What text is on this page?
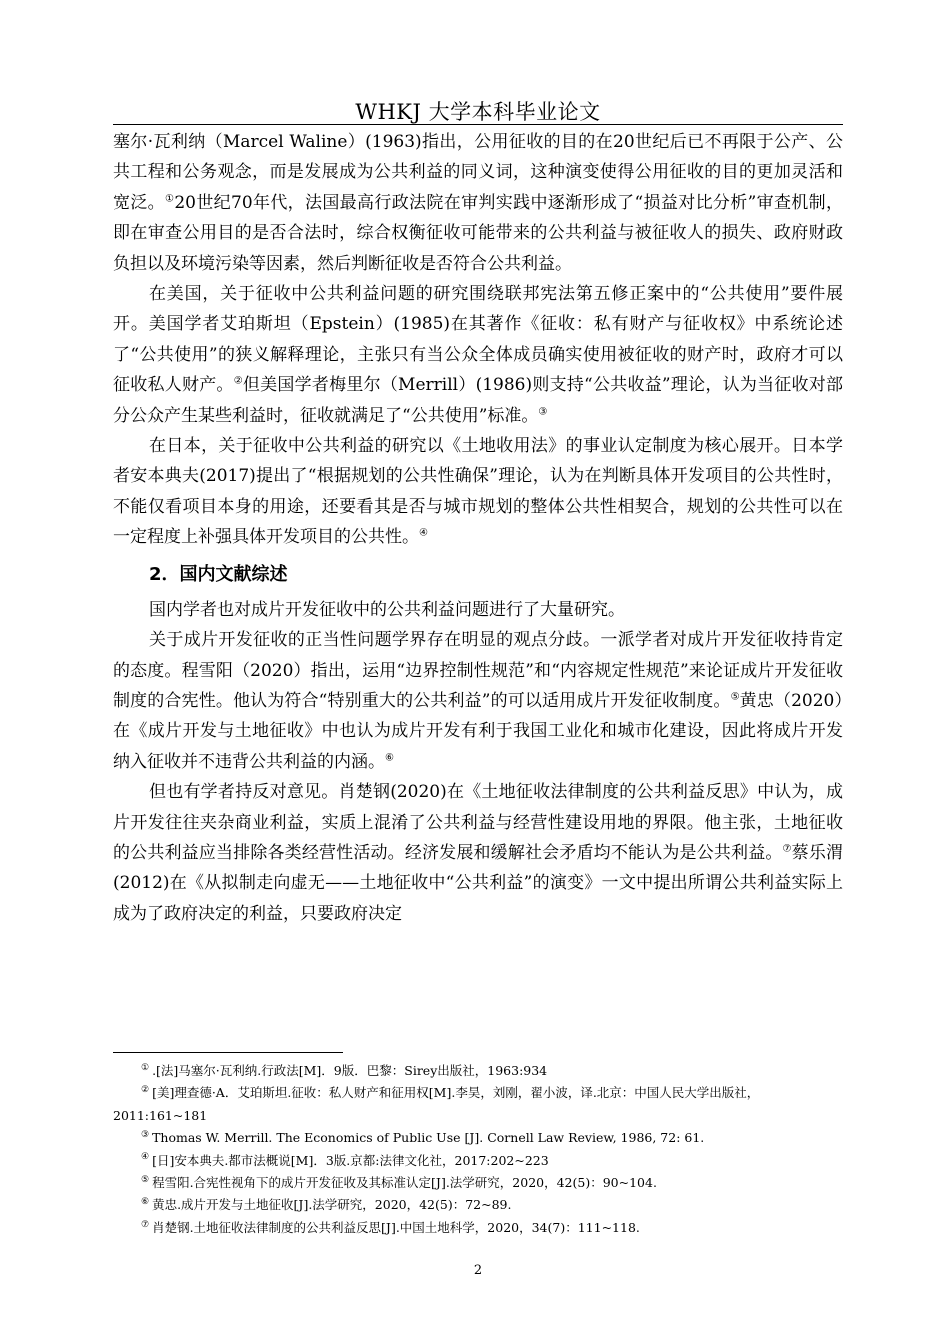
WHKJ 大学本科毕业论文

塞尔·瓦利纳（Marcel Waline）(1963)指出，公用征收的目的在20世纪后已不再限于公产、公共工程和公务观念，而是发展成为公共利益的同义词，这种演变使得公用征收的目的更加灵活和宽泛。①20世纪70年代，法国最高行政法院在审判实践中逐渐形成了“损益对比分析”审查机制，即在审查公用目的是否合法时，综合权衡征收可能带来的公共利益与被征收人的损失、政府财政负担以及环境污染等因素，然后判断征收是否符合公共利益。

在美国，关于征收中公共利益问题的研究围绕联邦宪法第五修正案中的“公共使用”要件展开。美国学者艾珀斯坦（Epstein）(1985)在其著作《征收：私有财产与征收权》中系统论述了“公共使用”的狭义解释理论，主张只有当公众全体成员确实使用被征收的财产时，政府才可以征收私人财产。②但美国学者梅里尔（Merrill）(1986)则支持“公共收益”理论，认为当征收对部分公众产生某些利益时，征收就满足了“公共使用”标准。③

在日本，关于征收中公共利益的研究以《土地收用法》的事业认定制度为核心展开。日本学者安本典夫(2017)提出了“根据规划的公共性确保”理论，认为在判断具体开发项目的公共性时，不能仅看项目本身的用途，还要看其是否与城市规划的整体公共性相契合，规划的公共性可以在一定程度上补强具体开发项目的公共性。④

2．国内文献综述

国内学者也对成片开发征收中的公共利益问题进行了大量研究。

关于成片开发征收的正当性问题学界存在明显的观点分歧。一派学者对成片开发征收持肯定的态度。程雪阳（2020）指出，运用“边界控制性规范”和“内容规定性规范”来论证成片开发征收制度的合宪性。他认为符合“特别重大的公共利益”的可以适用成片开发征收制度。⑤黄忠（2020）在《成片开发与土地征收》中也认为成片开发有利于我国工业化和城市化建设，因此将成片开发纳入征收并不违背公共利益的内涵。⑥

但也有学者持反对意见。肖楚钢(2020)在《土地征收法律制度的公共利益反思》中认为，成片开发往往夹杂商业利益，实质上混淆了公共利益与经营性建设用地的界限。他主张，土地征收的公共利益应当排除各类经营性活动。经济发展和缓解社会矛盾均不能认为是公共利益。⑦蔡乐渭(2012)在《从拟制走向虚无——土地征收中“公共利益”的演变》一文中提出所谓公共利益实际上成为了政府决定的利益，只要政府决定

① .[法]马塞尔·瓦利纳.行政法[M]．9版．巴黎：Sirey出版社，1963:934

② [美]理查德·A．艾珀斯坦.征收：私人财产和征用权[M].李昊，刘刚，翟小波，译.北京：中国人民大学出版社，2011:161~181

③ Thomas W. Merrill. The Economics of Public Use [J]. Cornell Law Review, 1986, 72: 61.

④ [日]安本典夫.都市法概说[M]．3版.京都:法律文化社，2017:202~223

⑤ 程雪阳.合宪性视角下的成片开发征收及其标准认定[J].法学研究，2020，42(5)：90~104.

⑥ 黄忠.成片开发与土地征收[J].法学研究，2020，42(5)：72~89.

⑦ 肖楚钢.土地征收法律制度的公共利益反思[J].中国土地科学，2020，34(7)：111~118.

2
